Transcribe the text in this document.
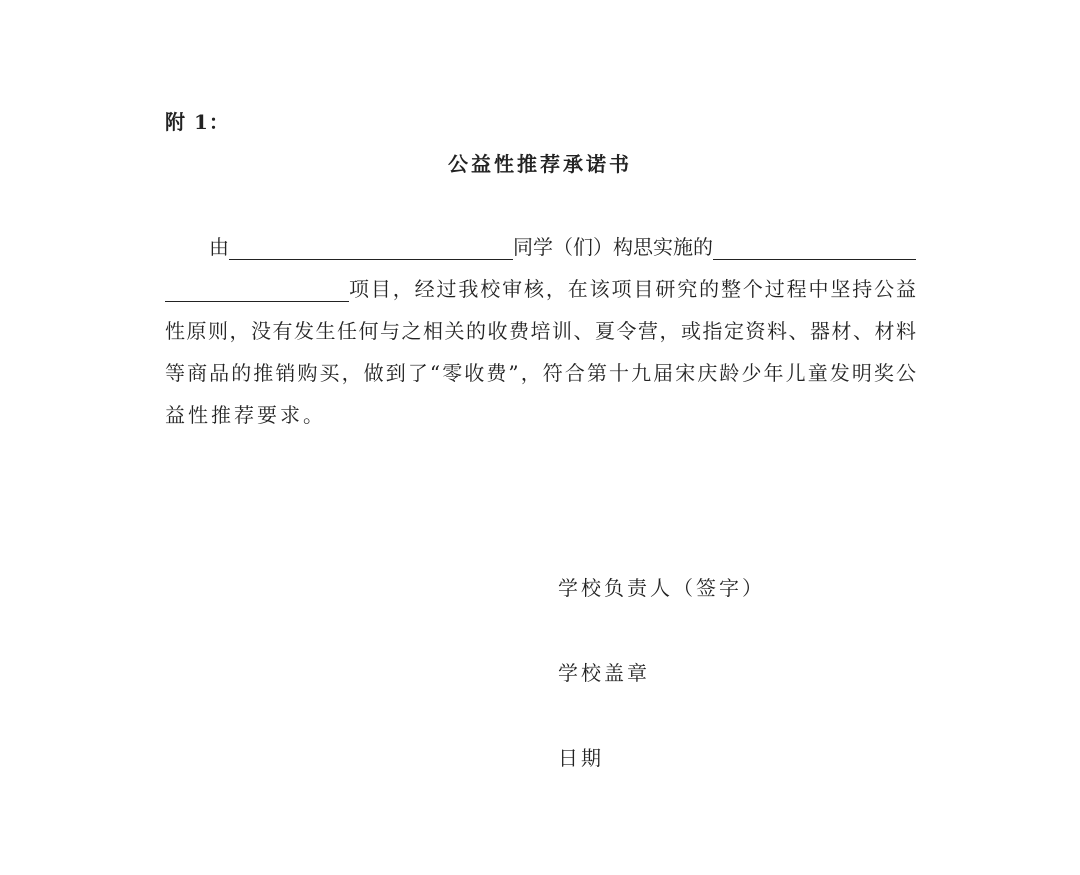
附 1：
公益性推荐承诺书
由	同学（们）构思实施的
项目，经过我校审核，在该项目研究的整个过程中坚持公益
性原则，没有发生任何与之相关的收费培训、夏令营，或指定资料、器材、材料
等商品的推销购买，做到了“零收费”，符合第十九届宋庆龄少年儿童发明奖公
益性推荐要求。
学校负责人（签字）
学校盖章
日期
